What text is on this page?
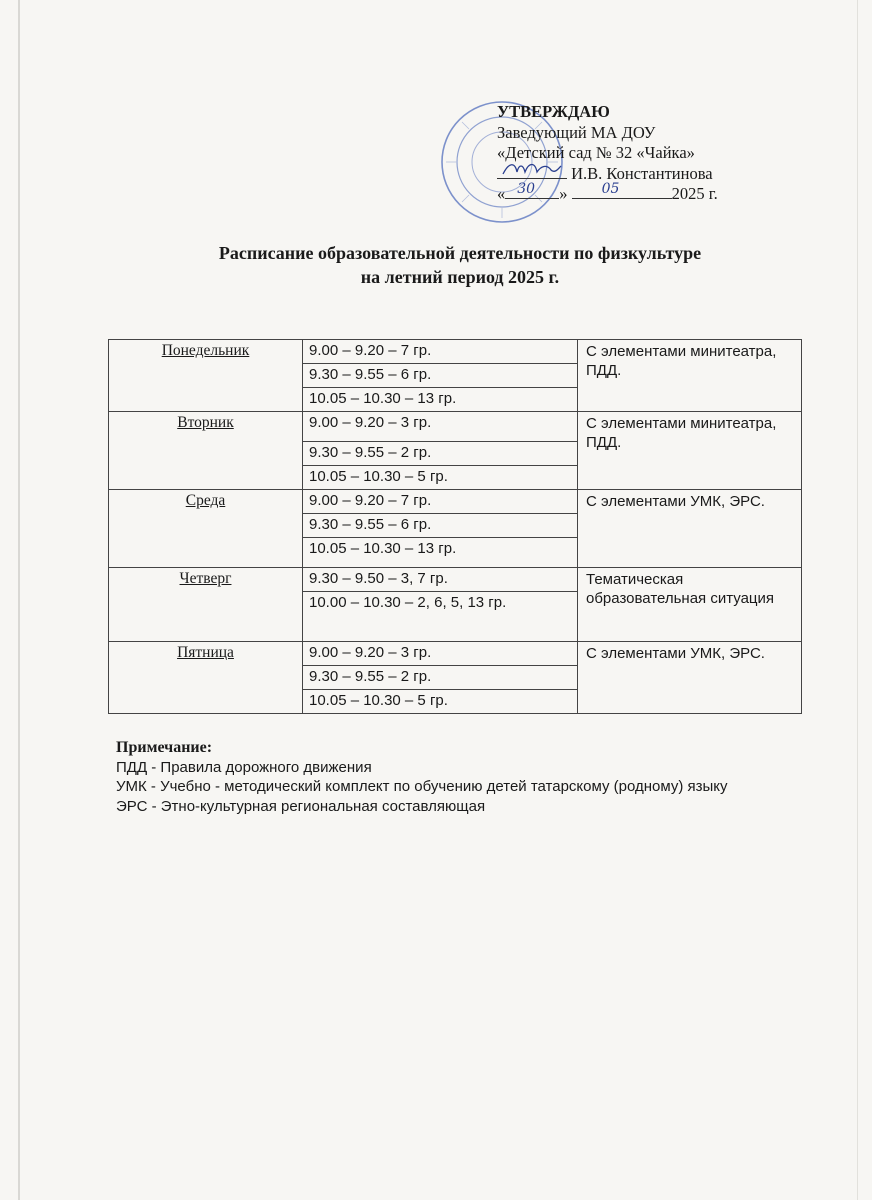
УТВЕРЖДАЮ
Заведующий МА ДОУ
«Детский сад № 32 «Чайка»
И.В. Константинова
« 30 » 05	2025 г.
Расписание образовательной деятельности по физкультуре
на летний период 2025 г.
Понедельник	9.00 – 9.20 – 7 гр.	С элементами минитеатра, ПДД.
	9.30 – 9.55 – 6 гр.	
	10.05 – 10.30 – 13 гр.	
Вторник	9.00 – 9.20 – 3 гр.	С элементами минитеатра, ПДД.
	9.30 – 9.55 – 2 гр.	
	10.05 – 10.30 – 5 гр.	
Среда	9.00 – 9.20 – 7 гр.	С элементами УМК, ЭРС.
	9.30 – 9.55 – 6 гр.	
	10.05 – 10.30 – 13 гр.	
Четверг	9.30 – 9.50 – 3, 7 гр.	Тематическая образовательная ситуация
	10.00 – 10.30 – 2, 6, 5, 13 гр.	
Пятница	9.00 – 9.20 – 3 гр.	С элементами УМК, ЭРС.
	9.30 – 9.55 – 2 гр.	
	10.05 – 10.30 – 5 гр.	
Примечание:
ПДД - Правила дорожного движения
УМК - Учебно - методический комплект по обучению детей татарскому (родному) языку
ЭРС - Этно-культурная региональная составляющая
